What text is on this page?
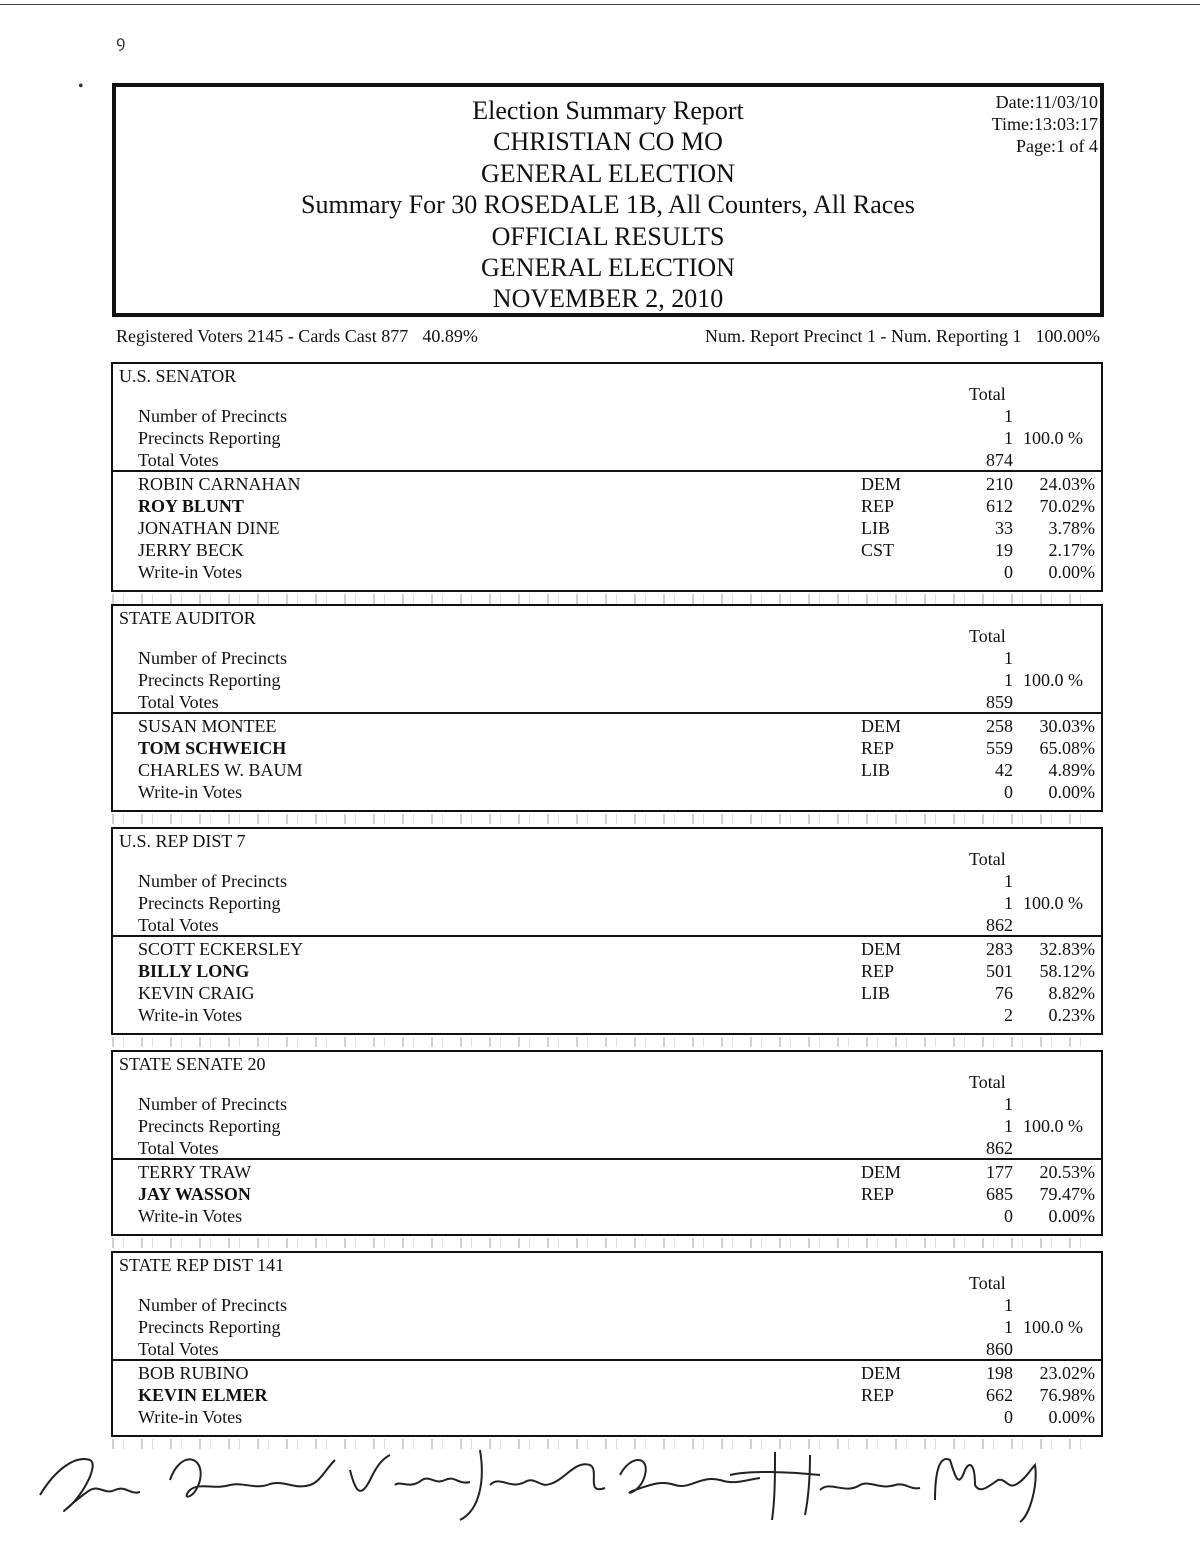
ꝯ
•
Election Summary Report
CHRISTIAN CO MO
GENERAL ELECTION
Summary For 30 ROSEDALE 1B, All Counters, All Races
OFFICIAL RESULTS
GENERAL ELECTION
NOVEMBER 2, 2010
Date:11/03/10
Time:13:03:17
Page:1 of 4
Registered Voters 2145 - Cards Cast 877 40.89%	Num. Report Precinct 1 - Num. Reporting 1 100.00%
U.S. SENATOR
Total
Number of Precincts	1
Precincts Reporting	1 100.0 %
Total Votes	874
ROBIN CARNAHAN	DEM	210	24.03%
ROY BLUNT	REP	612	70.02%
JONATHAN DINE	LIB	33	3.78%
JERRY BECK	CST	19	2.17%
Write-in Votes	0	0.00%
STATE AUDITOR
Total
Number of Precincts	1
Precincts Reporting	1 100.0 %
Total Votes	859
SUSAN MONTEE	DEM	258	30.03%
TOM SCHWEICH	REP	559	65.08%
CHARLES W. BAUM	LIB	42	4.89%
Write-in Votes	0	0.00%
U.S. REP DIST 7
Total
Number of Precincts	1
Precincts Reporting	1 100.0 %
Total Votes	862
SCOTT ECKERSLEY	DEM	283	32.83%
BILLY LONG	REP	501	58.12%
KEVIN CRAIG	LIB	76	8.82%
Write-in Votes	2	0.23%
STATE SENATE 20
Total
Number of Precincts	1
Precincts Reporting	1 100.0 %
Total Votes	862
TERRY TRAW	DEM	177	20.53%
JAY WASSON	REP	685	79.47%
Write-in Votes	0	0.00%
STATE REP DIST 141
Total
Number of Precincts	1
Precincts Reporting	1 100.0 %
Total Votes	860
BOB RUBINO	DEM	198	23.02%
KEVIN ELMER	REP	662	76.98%
Write-in Votes	0	0.00%
Lyn Russell, Vickie Johns Carla Eisenbe Karen Moody
